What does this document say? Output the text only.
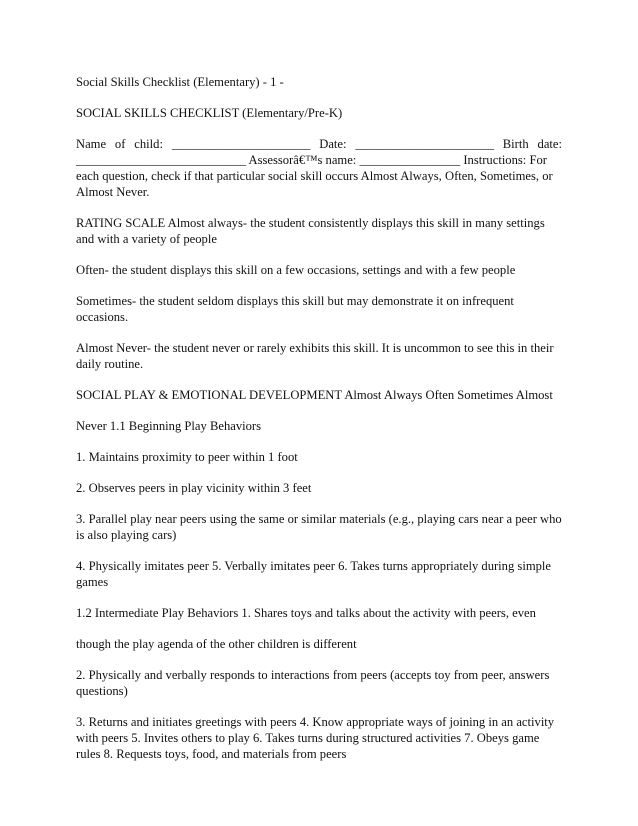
Social Skills Checklist (Elementary) - 1 -

SOCIAL SKILLS CHECKLIST (Elementary/Pre-K)

Name of child: ______________________ Date: ______________________ Birth date:

___________________________ Assessorâ€™s name: ________________ Instructions: For each question, check if that particular social skill occurs Almost Always, Often, Sometimes, or Almost Never.

RATING SCALE Almost always- the student consistently displays this skill in many settings and with a variety of people

Often- the student displays this skill on a few occasions, settings and with a few people

Sometimes- the student seldom displays this skill but may demonstrate it on infrequent occasions.

Almost Never- the student never or rarely exhibits this skill. It is uncommon to see this in their daily routine.

SOCIAL PLAY & EMOTIONAL DEVELOPMENT Almost Always Often Sometimes Almost

Never 1.1 Beginning Play Behaviors

1. Maintains proximity to peer within 1 foot

2. Observes peers in play vicinity within 3 feet

3. Parallel play near peers using the same or similar materials (e.g., playing cars near a peer who is also playing cars)

4. Physically imitates peer 5. Verbally imitates peer 6. Takes turns appropriately during simple games

1.2 Intermediate Play Behaviors 1. Shares toys and talks about the activity with peers, even

though the play agenda of the other children is different

2. Physically and verbally responds to interactions from peers (accepts toy from peer, answers questions)

3. Returns and initiates greetings with peers 4. Know appropriate ways of joining in an activity with peers 5. Invites others to play 6. Takes turns during structured activities 7. Obeys game rules 8. Requests toys, food, and materials from peers
